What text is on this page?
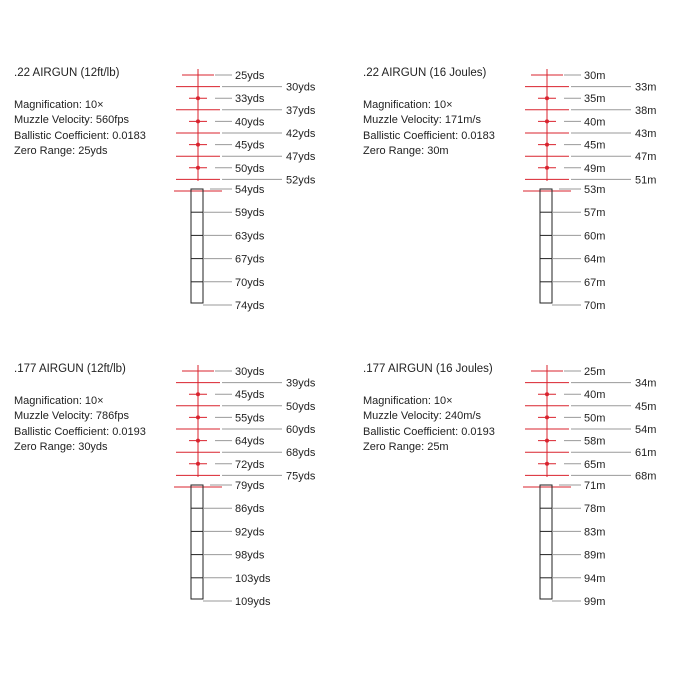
.22 AIRGUN (12ft/lb)
Magnification: 10×
Muzzle Velocity: 560fps
Ballistic Coefficient: 0.0183
Zero Range: 25yds
25yds
30yds
33yds
37yds
40yds
42yds
45yds
47yds
50yds
52yds
54yds
59yds
63yds
67yds
70yds
74yds
.22 AIRGUN (16 Joules)
Magnification: 10×
Muzzle Velocity: 171m/s
Ballistic Coefficient: 0.0183
Zero Range: 30m
30m
33m
35m
38m
40m
43m
45m
47m
49m
51m
53m
57m
60m
64m
67m
70m
.177 AIRGUN (12ft/lb)
Magnification: 10×
Muzzle Velocity: 786fps
Ballistic Coefficient: 0.0193
Zero Range: 30yds
30yds
39yds
45yds
50yds
55yds
60yds
64yds
68yds
72yds
75yds
79yds
86yds
92yds
98yds
103yds
109yds
.177 AIRGUN (16 Joules)
Magnification: 10×
Muzzle Velocity: 240m/s
Ballistic Coefficient: 0.0193
Zero Range: 25m
25m
34m
40m
45m
50m
54m
58m
61m
65m
68m
71m
78m
83m
89m
94m
99m
